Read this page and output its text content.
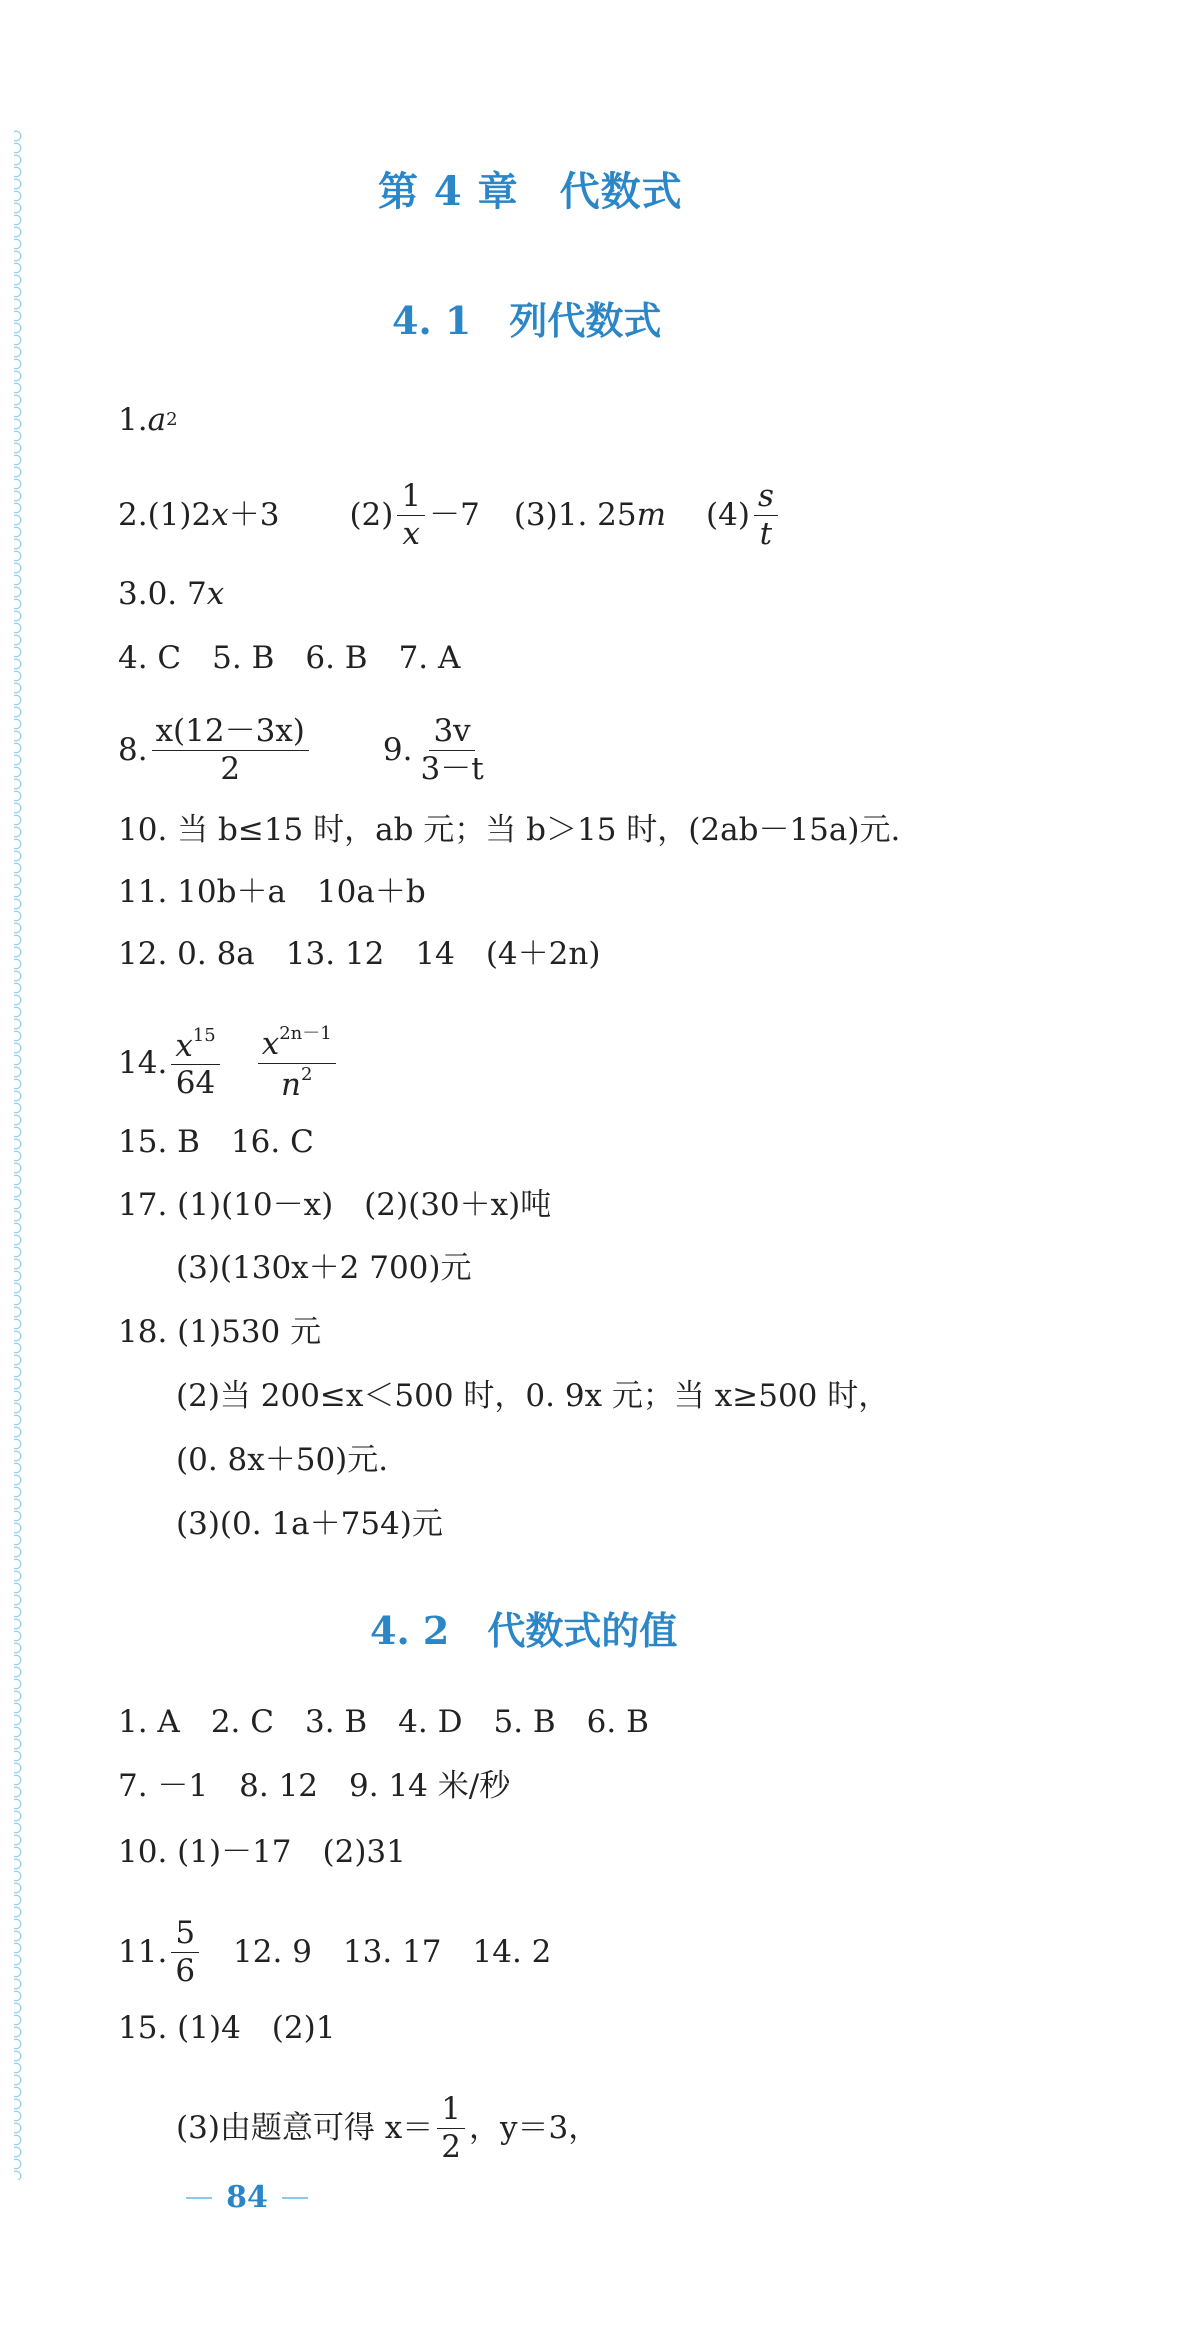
第 4 章　代数式
4. 1　列代数式
1. a 2
2. (1)2 x ＋3 $(2) \frac{1}{x} -7$ (3)1. 25 m $(4) \frac{s}{t}$
3. 0. 7 x
4. C　5. B　6. B　7. A
8. $\frac{x(12-3x)}{2} 9$. $\frac{3v}{3-t}$
10. 当 b≤15 时，ab 元；当 b＞15 时，(2ab－15a)元.
11. 10b＋a　10a＋b
12. 0. 8a　13. 12　14　(4＋2n)
14. $\frac{x^{15}}{64} \frac{x^{2n-1}}{n^2}$
15. B　16. C
17. (1)(10－x)　(2)(30＋x)吨
(3)(130x＋2 700)元
18. (1)530 元
(2)当 200≤x＜500 时，0. 9x 元；当 x≥500 时，
(0. 8x＋50)元.
(3)(0. 1a＋754)元
4. 2　代数式的值
1. A　2. C　3. B　4. D　5. B　6. B
7. －1　8. 12　9. 14 米/秒
10. (1)－17　(2)31
11. $\frac{5}{6} 12$. 9　13. 17　14. 2
15. (1)4　(2)1
(3)由题意可得 $x= \frac{1}{2}$ ，y＝3，
84
